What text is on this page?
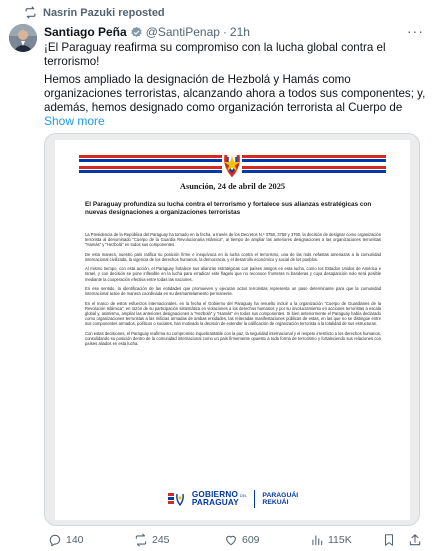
Nasrin Pazuki reposted
Santiago Peña @SantiPenap · 21h	···

¡El Paraguay reafirma su compromiso con la lucha global contra el terrorismo!

Hemos ampliado la designación de Hezbolá y Hamás como organizaciones terroristas, alcanzando ahora a todos sus componentes; y, además, hemos designado como organización terrorista al Cuerpo de

Show more
Asunción, 24 de abril de 2025
El Paraguay profundiza su lucha contra el terrorismo y fortalece sus alianzas estratégicas con nuevas designaciones a organizaciones terroristas

La Presidencia de la República del Paraguay ha tomado en la fecha, a través de los Decretos N.º 3758, 3759 y 3760, la decisión de designar como organización terrorista al denominado "Cuerpo de la Guardia Revolucionaria Islámica", al tiempo de ampliar las anteriores designaciones a las organizaciones terroristas "Hamás" y "Hezbolá" en todos sus componentes.

De esta manera, nuestro país ratifica su posición firme e inequívoca en la lucha contra el terrorismo, una de las más nefastas amenazas a la comunidad internacional civilizada, la vigencia de los derechos humanos, la democracia, y el desarrollo económico y social de los pueblos.

Al mismo tiempo, con esta acción, el Paraguay fortalece sus alianzas estratégicas con países amigos en esta lucha, como los Estados Unidos de América e Israel, y con decisión se pone inflexible en la lucha para erradicar este flagelo que no reconoce fronteras ni banderas y cuya desaparición solo será posible mediante la cooperación efectiva entre todas las naciones.

En ese sentido, la identificación de las entidades que promueven y ejecutan actos terroristas representa un paso determinante para que la comunidad internacional actúe de manera coordinada en su desmantelamiento permanente.

En el marco de estos esfuerzos internacionales, en la fecha el Gobierno del Paraguay ha resuelto incluir a la organización "Cuerpo de Guardianes de la Revolución Islámica", en razón de su participación sistemática en violaciones a los derechos humanos y por su involucramiento en acciones terroristas a escala global y, asimismo, ampliar las anteriores designaciones a "Hezbolá" y "Hamás" en todos sus componentes. Si bien anteriormente el Paraguay había declarado como organizaciones terroristas a las milicias armadas de ambas entidades, las reiteradas manifestaciones públicas de estas, en las que no se distingue entre sus componentes armados, políticos o sociales, han motivado la decisión de extender la calificación de organización terrorista a la totalidad de sus estructuras.

Con estas decisiones, el Paraguay reafirma su compromiso inquebrantable con la paz, la seguridad internacional y el respeto irrestricto a los derechos humanos, consolidando su posición dentro de la comunidad internacional como un país firmemente opuesto a toda forma de terrorismo y fortaleciendo sus relaciones con países aliados en esta lucha.

GOBIERNO DEL
PARAGUAY
PARAGUÁI
REKUÁI
140	245	609	115K
